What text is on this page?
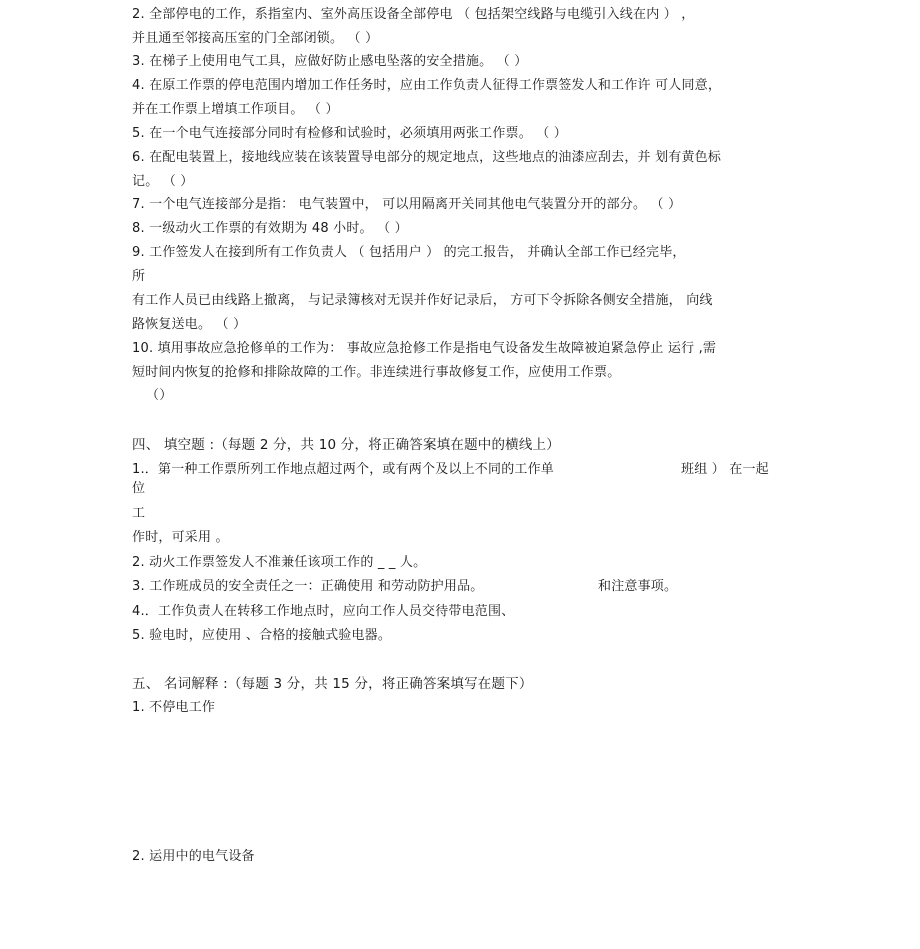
2. 全部停电的工作，系指室内、室外高压设备全部停电 （ 包括架空线路与电缆引入线在内 ） ，
并且通至邻接高压室的门全部闭锁。 （ ）
3. 在梯子上使用电气工具，应做好防止感电坠落的安全措施。 （ ）
4. 在原工作票的停电范围内增加工作任务时，应由工作负责人征得工作票签发人和工作许 可人同意，
并在工作票上增填工作项目。 （ ）
5. 在一个电气连接部分同时有检修和试验时，必须填用两张工作票。 （ ）
6. 在配电装置上，接地线应装在该装置导电部分的规定地点，这些地点的油漆应刮去，并 划有黄色标
记。 （ ）
7. 一个电气连接部分是指： 电气装置中， 可以用隔离开关同其他电气装置分开的部分。 （ ）
8. 一级动火工作票的有效期为 48 小时。 （ ）
9. 工作签发人在接到所有工作负责人 （ 包括用户 ） 的完工报告， 并确认全部工作已经完毕，
所
有工作人员已由线路上撤离， 与记录簿核对无误并作好记录后， 方可下令拆除各侧安全措施， 向线
路恢复送电。 （ ）
10. 填用事故应急抢修单的工作为： 事故应急抢修工作是指电气设备发生故障被迫紧急停止 运行 ,需
短时间内恢复的抢修和排除故障的工作。非连续进行事故修复工作，应使用工作票。
（）
四、 填空题 :（每题 2 分，共 10 分，将正确答案填在题中的横线上）
1.．第一种工作票所列工作地点超过两个，或有两个及以上不同的工作单	班组 ） 在一起
位
工
作时，可采用 。
2. 动火工作票签发人不准兼任该项工作的 _ _ 人。
3. 工作班成员的安全责任之一：正确使用 和劳动防护用品。	和注意事项。
4.．工作负责人在转移工作地点时，应向工作人员交待带电范围、
5. 验电时，应使用 、合格的接触式验电器。
五、 名词解释 :（每题 3 分，共 15 分，将正确答案填写在题下）
1. 不停电工作
2. 运用中的电气设备
